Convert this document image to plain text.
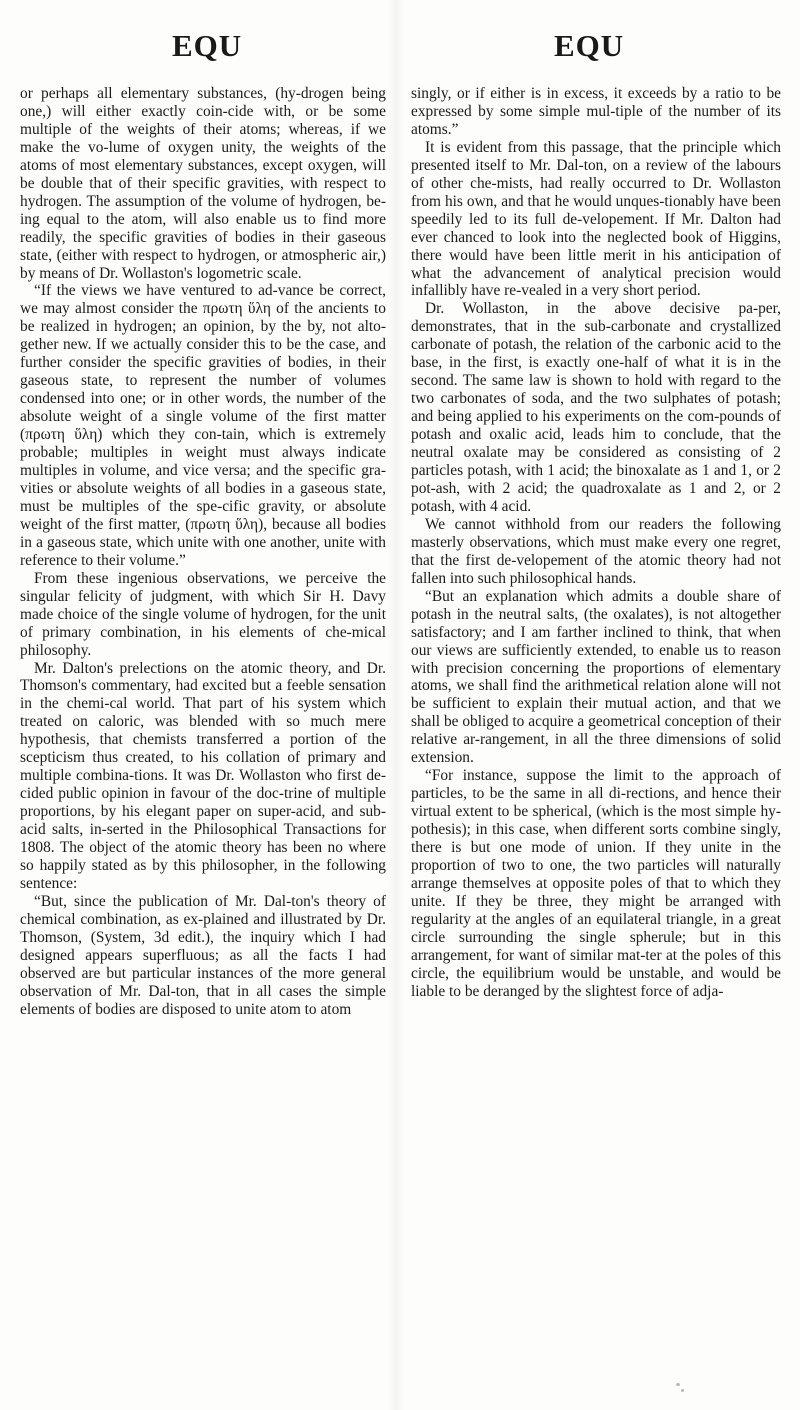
EQU	EQU

or perhaps all elementary substances, (hy-drogen being one,) will either exactly coin-cide with, or be some multiple of the weights of their atoms; whereas, if we make the vo-lume of oxygen unity, the weights of the atoms of most elementary substances, except oxygen, will be double that of their specific gravities, with respect to hydrogen. The assumption of the volume of hydrogen, be-ing equal to the atom, will also enable us to find more readily, the specific gravities of bodies in their gaseous state, (either with respect to hydrogen, or atmospheric air,) by means of Dr. Wollaston's logometric scale.

“If the views we have ventured to ad-vance be correct, we may almost consider the πρωτη ὕλη of the ancients to be realized in hydrogen; an opinion, by the by, not alto-gether new. If we actually consider this to be the case, and further consider the specific gravities of bodies, in their gaseous state, to represent the number of volumes condensed into one; or in other words, the number of the absolute weight of a single volume of the first matter (πρωτη ὕλη) which they con-tain, which is extremely probable; multiples in weight must always indicate multiples in volume, and vice versa; and the specific gra-vities or absolute weights of all bodies in a gaseous state, must be multiples of the spe-cific gravity, or absolute weight of the first matter, (πρωτη ὕλη), because all bodies in a gaseous state, which unite with one another, unite with reference to their volume.”

From these ingenious observations, we perceive the singular felicity of judgment, with which Sir H. Davy made choice of the single volume of hydrogen, for the unit of primary combination, in his elements of che-mical philosophy.

Mr. Dalton's prelections on the atomic theory, and Dr. Thomson's commentary, had excited but a feeble sensation in the chemi-cal world. That part of his system which treated on caloric, was blended with so much mere hypothesis, that chemists transferred a portion of the scepticism thus created, to his collation of primary and multiple combina-tions. It was Dr. Wollaston who first de-cided public opinion in favour of the doc-trine of multiple proportions, by his elegant paper on super-acid, and sub-acid salts, in-serted in the Philosophical Transactions for 1808. The object of the atomic theory has been no where so happily stated as by this philosopher, in the following sentence:

“But, since the publication of Mr. Dal-ton's theory of chemical combination, as ex-plained and illustrated by Dr. Thomson, (System, 3d edit.), the inquiry which I had designed appears superfluous; as all the facts I had observed are but particular instances of the more general observation of Mr. Dal-ton, that in all cases the simple elements of bodies are disposed to unite atom to atom

singly, or if either is in excess, it exceeds by a ratio to be expressed by some simple mul-tiple of the number of its atoms.”

It is evident from this passage, that the principle which presented itself to Mr. Dal-ton, on a review of the labours of other che-mists, had really occurred to Dr. Wollaston from his own, and that he would unques-tionably have been speedily led to its full de-velopement. If Mr. Dalton had ever chanced to look into the neglected book of Higgins, there would have been little merit in his anticipation of what the advancement of analytical precision would infallibly have re-vealed in a very short period.

Dr. Wollaston, in the above decisive pa-per, demonstrates, that in the sub-carbonate and crystallized carbonate of potash, the relation of the carbonic acid to the base, in the first, is exactly one-half of what it is in the second. The same law is shown to hold with regard to the two carbonates of soda, and the two sulphates of potash; and being applied to his experiments on the com-pounds of potash and oxalic acid, leads him to conclude, that the neutral oxalate may be considered as consisting of 2 particles potash, with 1 acid; the binoxalate as 1 and 1, or 2 pot-ash, with 2 acid; the quadroxalate as 1 and 2, or 2 potash, with 4 acid.

We cannot withhold from our readers the following masterly observations, which must make every one regret, that the first de-velopement of the atomic theory had not fallen into such philosophical hands.

“But an explanation which admits a double share of potash in the neutral salts, (the oxalates), is not altogether satisfactory; and I am farther inclined to think, that when our views are sufficiently extended, to enable us to reason with precision concerning the proportions of elementary atoms, we shall find the arithmetical relation alone will not be sufficient to explain their mutual action, and that we shall be obliged to acquire a geometrical conception of their relative ar-rangement, in all the three dimensions of solid extension.

“For instance, suppose the limit to the approach of particles, to be the same in all di-rections, and hence their virtual extent to be spherical, (which is the most simple hy-pothesis); in this case, when different sorts combine singly, there is but one mode of union. If they unite in the proportion of two to one, the two particles will naturally arrange themselves at opposite poles of that to which they unite. If they be three, they might be arranged with regularity at the angles of an equilateral triangle, in a great circle surrounding the single spherule; but in this arrangement, for want of similar mat-ter at the poles of this circle, the equilibrium would be unstable, and would be liable to be deranged by the slightest force of adja-
